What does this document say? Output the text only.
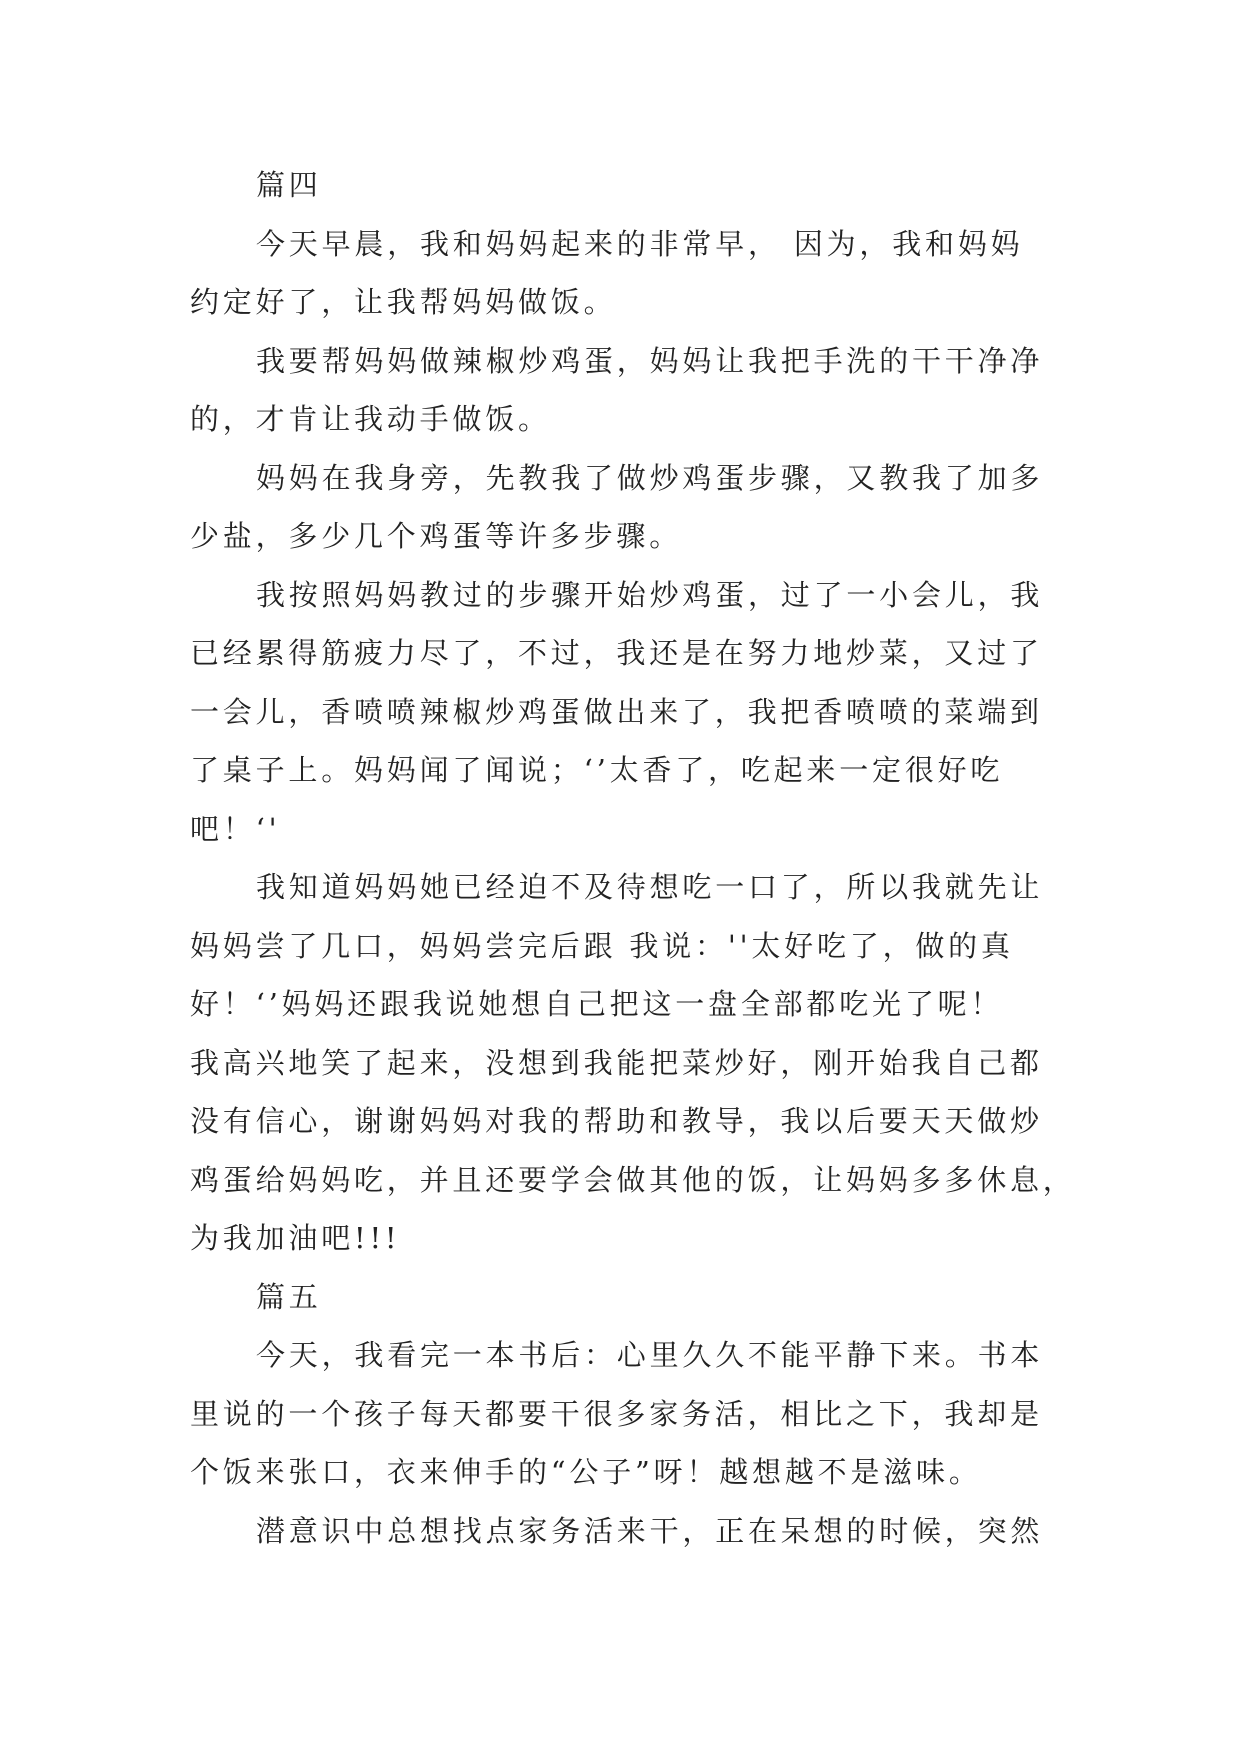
篇四
今天早晨，我和妈妈起来的非常早， 因为，我和妈妈
约定好了，让我帮妈妈做饭。
我要帮妈妈做辣椒炒鸡蛋，妈妈让我把手洗的干干净净
的，才肯让我动手做饭。
妈妈在我身旁，先教我了做炒鸡蛋步骤，又教我了加多
少盐，多少几个鸡蛋等许多步骤。
我按照妈妈教过的步骤开始炒鸡蛋，过了一小会儿，我
已经累得筋疲力尽了，不过，我还是在努力地炒菜，又过了
一会儿，香喷喷辣椒炒鸡蛋做出来了，我把香喷喷的菜端到
了桌子上。妈妈闻了闻说；‘’太香了，吃起来一定很好吃
吧！‘'
我知道妈妈她已经迫不及待想吃一口了，所以我就先让
妈妈尝了几口，妈妈尝完后跟 我说：''太好吃了，做的真
好！‘’妈妈还跟我说她想自己把这一盘全部都吃光了呢！
我高兴地笑了起来，没想到我能把菜炒好，刚开始我自己都
没有信心，谢谢妈妈对我的帮助和教导，我以后要天天做炒
鸡蛋给妈妈吃，并且还要学会做其他的饭，让妈妈多多休息，
为我加油吧!!!
篇五
今天，我看完一本书后：心里久久不能平静下来。书本
里说的一个孩子每天都要干很多家务活，相比之下，我却是
个饭来张口，衣来伸手的“公子”呀！越想越不是滋味。
潜意识中总想找点家务活来干，正在呆想的时候，突然
